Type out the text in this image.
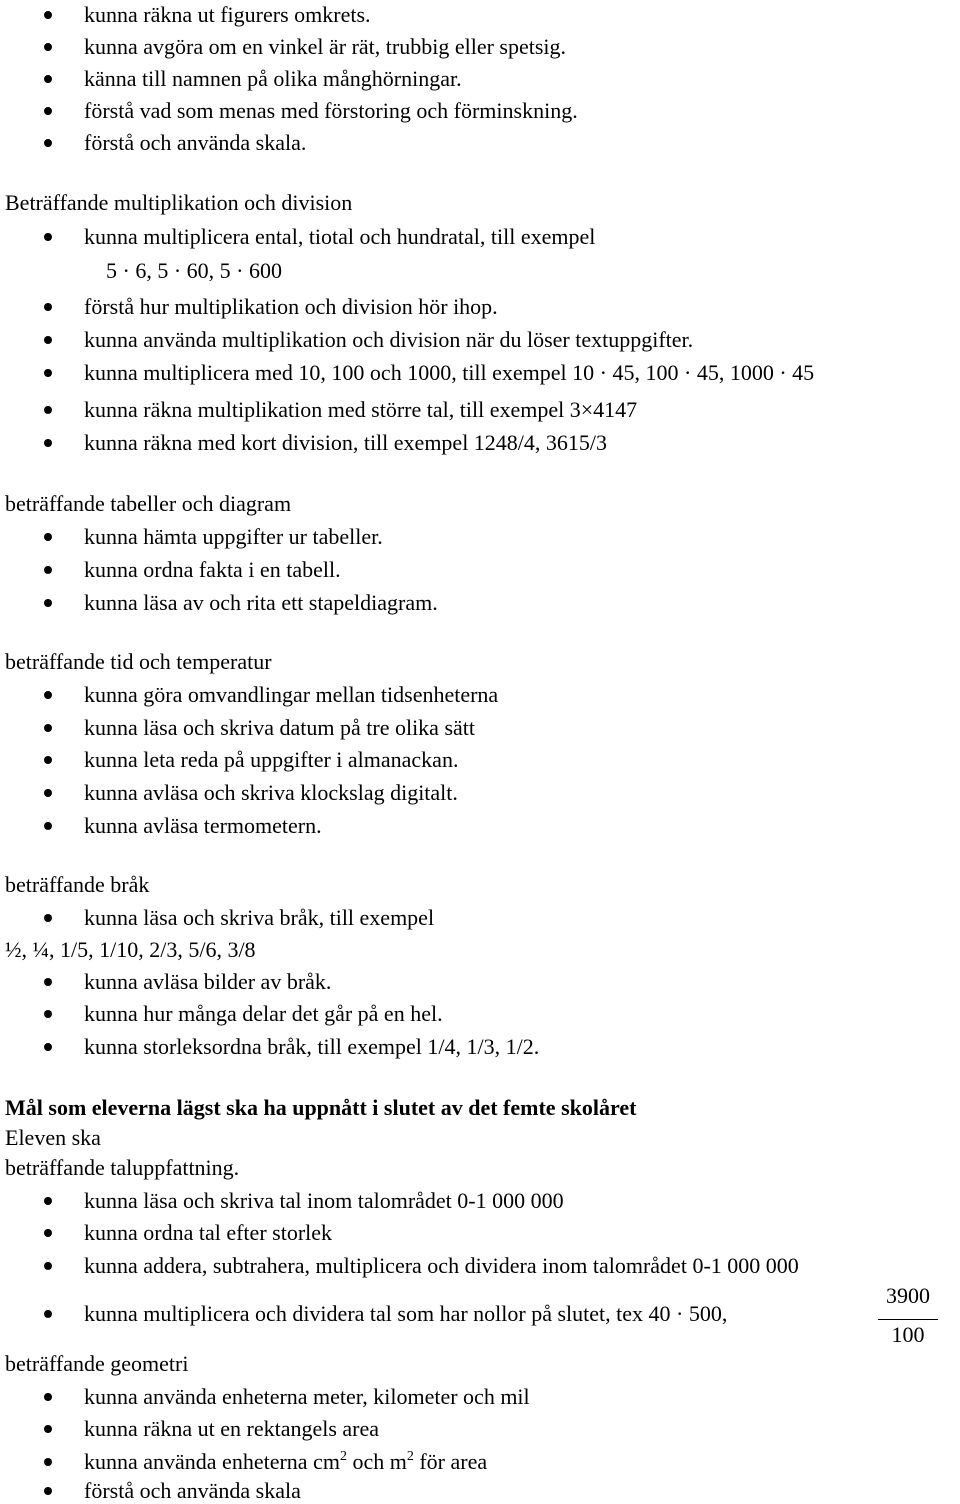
kunna räkna ut figurers omkrets.
kunna avgöra om en vinkel är rät, trubbig eller spetsig.
känna till namnen på olika månghörningar.
förstå vad som menas med förstoring och förminskning.
förstå och använda skala.
Beträffande multiplikation och division
kunna multiplicera ental, tiotal och hundratal, till exempel
5 · 6, 5 · 60, 5 · 600
förstå hur multiplikation och division hör ihop.
kunna använda multiplikation och division när du löser textuppgifter.
kunna multiplicera med 10, 100 och 1000, till exempel 10 · 45, 100 · 45, 1000 · 45
kunna räkna multiplikation med större tal, till exempel 3×4147
kunna räkna med kort division, till exempel 1248/4, 3615/3
beträffande tabeller och diagram
kunna hämta uppgifter ur tabeller.
kunna ordna fakta i en tabell.
kunna läsa av och rita ett stapeldiagram.
beträffande tid och temperatur
kunna göra omvandlingar mellan tidsenheterna
kunna läsa och skriva datum på tre olika sätt
kunna leta reda på uppgifter i almanackan.
kunna avläsa och skriva klockslag digitalt.
kunna avläsa termometern.
beträffande bråk
kunna läsa och skriva bråk, till exempel
½, ¼, 1/5, 1/10, 2/3, 5/6, 3/8
kunna avläsa bilder av bråk.
kunna hur många delar det går på en hel.
kunna storleksordna bråk, till exempel 1/4, 1/3, 1/2.
Mål som eleverna lägst ska ha uppnått i slutet av det femte skolåret
Eleven ska
beträffande taluppfattning.
kunna läsa och skriva tal inom talområdet 0-1 000 000
kunna ordna tal efter storlek
kunna addera, subtrahera, multiplicera och dividera inom talområdet 0-1 000 000
kunna multiplicera och dividera tal som har nollor på slutet, tex 40 · 500,
3900
100
beträffande geometri
kunna använda enheterna meter, kilometer och mil
kunna räkna ut en rektangels area
kunna använda enheterna $cm^2$ och $m^2$ för area
förstå och använda skala
